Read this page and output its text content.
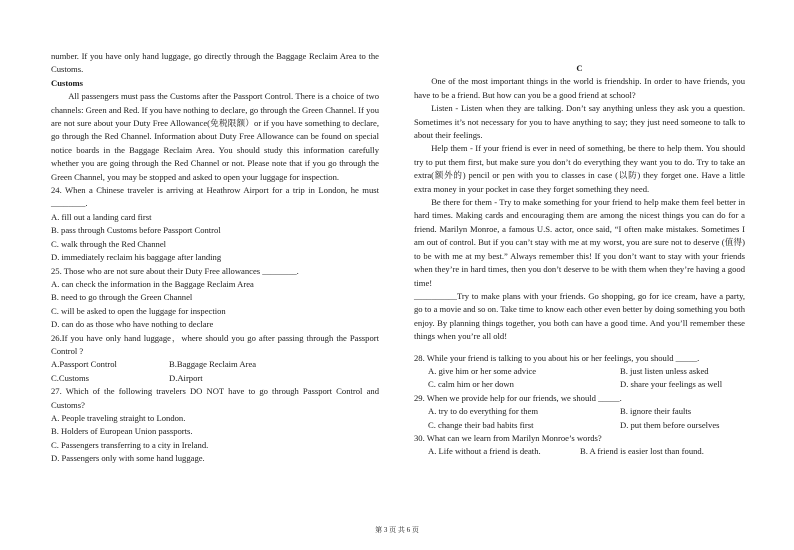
number. If you have only hand luggage, go directly through the Baggage Reclaim Area to the Customs.

Customs

All passengers must pass the Customs after the Passport Control. There is a choice of two channels: Green and Red. If you have nothing to declare, go through the Green Channel. If you are not sure about your Duty Free Allowance(免税限额）or if you have something to declare, go through the Red Channel. Information about Duty Free Allowance can be found on special notice boards in the Baggage Reclaim Area. You should study this information carefully whether you are going through the Red Channel or not. Please note that if you go through the Green Channel, you may be stopped and asked to open your luggage for inspection.

24. When a Chinese traveler is arriving at Heathrow Airport for a trip in London, he must ________.

A. fill out a landing card first

B. pass through Customs before Passport Control

C. walk through the Red Channel

D. immediately reclaim his baggage after landing

25. Those who are not sure about their Duty Free allowances ________.

A. can check the information in the Baggage Reclaim Area

B. need to go through the Green Channel

C. will be asked to open the luggage for inspection

D. can do as those who have nothing to declare

26.If you have only hand luggage，where should you go after passing through the Passport Control ?

A.Passport Control	B.Baggage Reclaim Area
C.Customs	D.Airport

27. Which of the following travelers DO NOT have to go through Passport Control and Customs?

A. People traveling straight to London.

B. Holders of European Union passports.

C. Passengers transferring to a city in Ireland.

D. Passengers only with some hand luggage.

C

One of the most important things in the world is friendship. In order to have friends, you have to be a friend. But how can you be a good friend at school?

Listen - Listen when they are talking. Don’t say anything unless they ask you a question. Sometimes it’s not necessary for you to have anything to say; they just need someone to talk to about their feelings.

Help them - If your friend is ever in need of something, be there to help them. You should try to put them first, but make sure you don’t do everything they want you to do. Try to take an extra(额外的) pencil or pen with you to classes in case (以防) they forget one. Have a little extra money in your pocket in case they forget something they need.

Be there for them - Try to make something for your friend to help make them feel better in hard times. Making cards and encouraging them are among the nicest things you can do for a friend. Marilyn Monroe, a famous U.S. actor, once said, “I often make mistakes. Sometimes I am out of control. But if you can’t stay with me at my worst, you are sure not to deserve (值得) to be with me at my best.” Always remember this! If you don’t want to stay with your friends when they’re in hard times, then you don’t deserve to be with them when they’re having a good time!

__________Try to make plans with your friends. Go shopping, go for ice cream, have a party, go to a movie and so on. Take time to know each other even better by doing something you both enjoy. By planning things together, you both can have a good time. And you’ll remember these things when you’re all old!

28. While your friend is talking to you about his or her feelings, you should _____.

A. give him or her some advice	B. just listen unless asked
C. calm him or her down	D. share your feelings as well

29. When we provide help for our friends, we should _____.

A. try to do everything for them	B. ignore their faults
C. change their bad habits first	D. put them before ourselves

30. What can we learn from Marilyn Monroe’s words?

A. Life without a friend is death.	B. A friend is easier lost than found.
第 3 页 共 6 页
